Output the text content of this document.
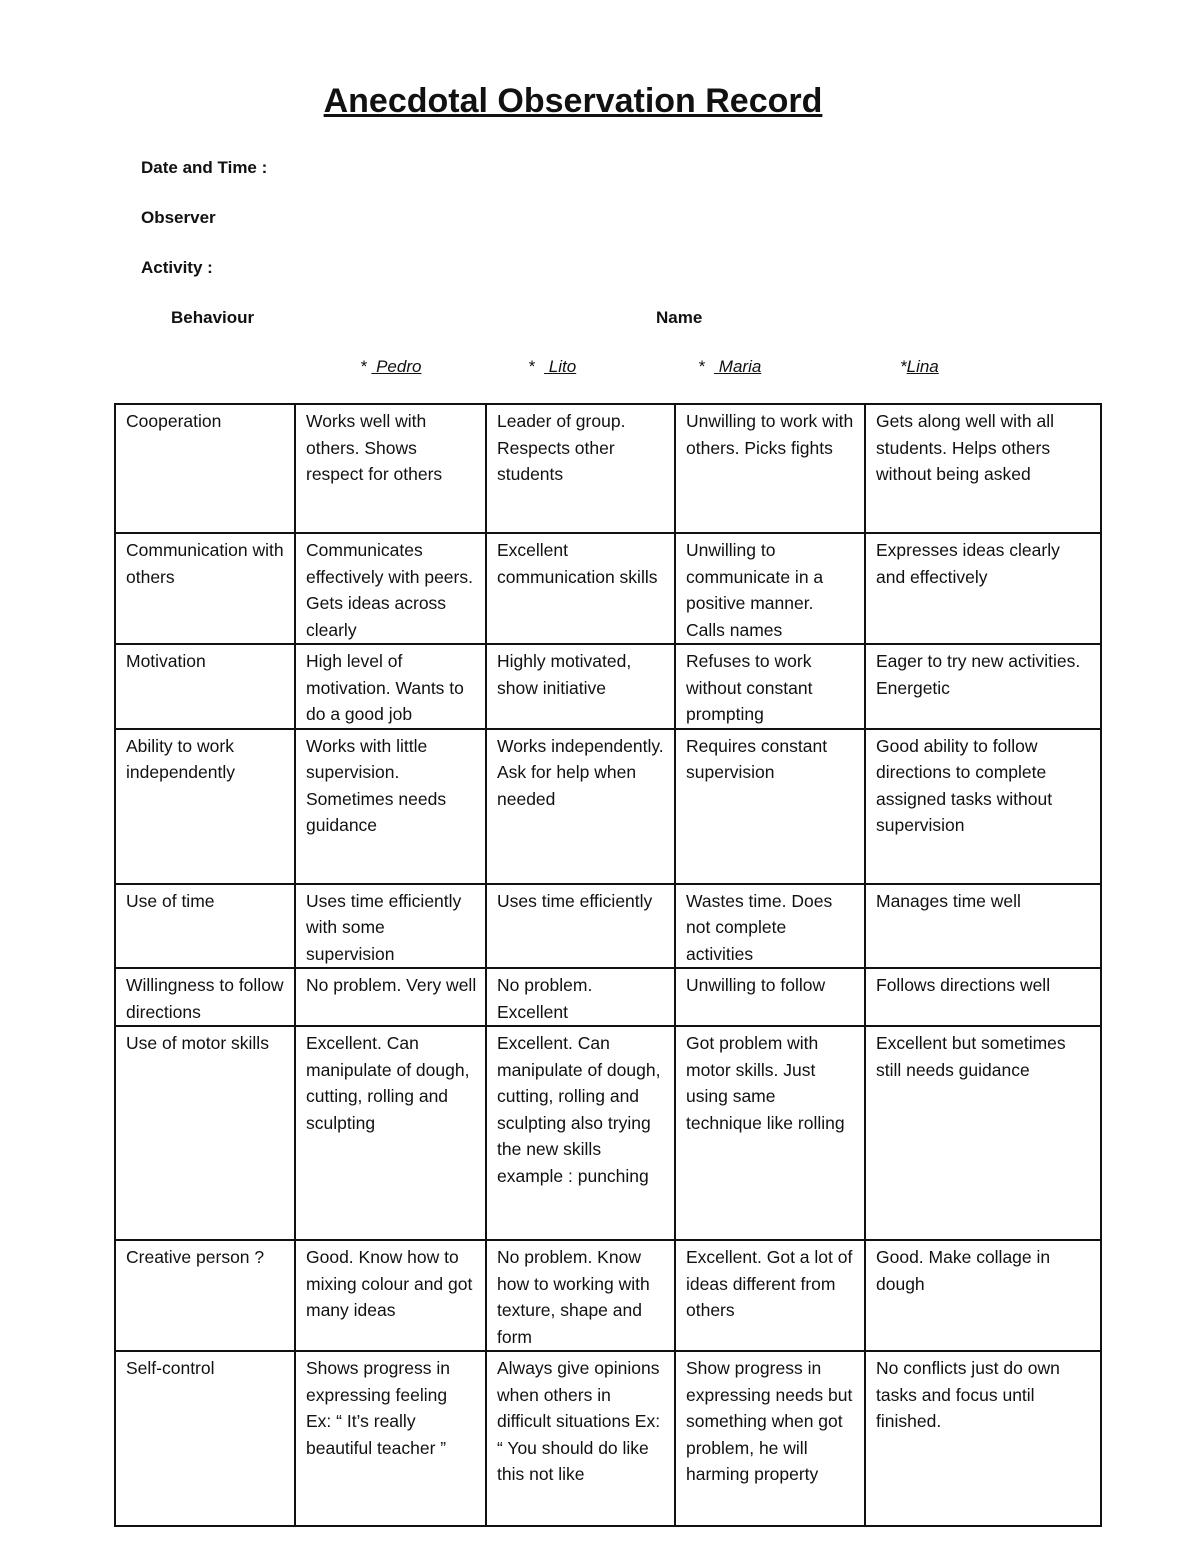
Anecdotal Observation Record
Date and Time :
Observer
Activity :
Behaviour	Name
*  Pedro	*   Lito	*   Maria	*Lina
Cooperation	Works well with others. Shows respect for others	Leader of group. Respects other students	Unwilling to work with others. Picks fights	Gets along well with all students. Helps others without being asked
Communication with others	Communicates effectively with peers. Gets ideas across clearly	Excellent communication skills	Unwilling to communicate in a positive manner. Calls names	Expresses ideas clearly and effectively
Motivation	High level of motivation. Wants to do a good job	Highly motivated, show initiative	Refuses to work without constant prompting	Eager to try new activities. Energetic
Ability to work independently	Works with little supervision. Sometimes needs guidance	Works independently. Ask for help when needed	Requires constant supervision	Good ability to follow directions to complete assigned tasks without supervision
Use of time	Uses time efficiently with some supervision	Uses time efficiently	Wastes time. Does not complete activities	Manages time well
Willingness to follow directions	No problem. Very well	No problem. Excellent	Unwilling to follow	Follows directions well
Use of motor skills	Excellent. Can manipulate of dough, cutting, rolling and sculpting	Excellent. Can manipulate of dough, cutting, rolling and sculpting also trying the new skills example : punching	Got problem with motor skills. Just using same technique like rolling	Excellent but sometimes still needs guidance
Creative person ?	Good. Know how to mixing colour and got many ideas	No problem. Know how to working with texture, shape and form	Excellent. Got a lot of ideas different from others	Good. Make collage in dough
Self-control	Shows progress in expressing feeling Ex: “ It’s really beautiful teacher ”	Always give opinions when others in difficult situations Ex: “ You should do like this not like	Show progress in expressing needs but something when got problem, he will harming property	No conflicts just do own tasks and focus until finished.
